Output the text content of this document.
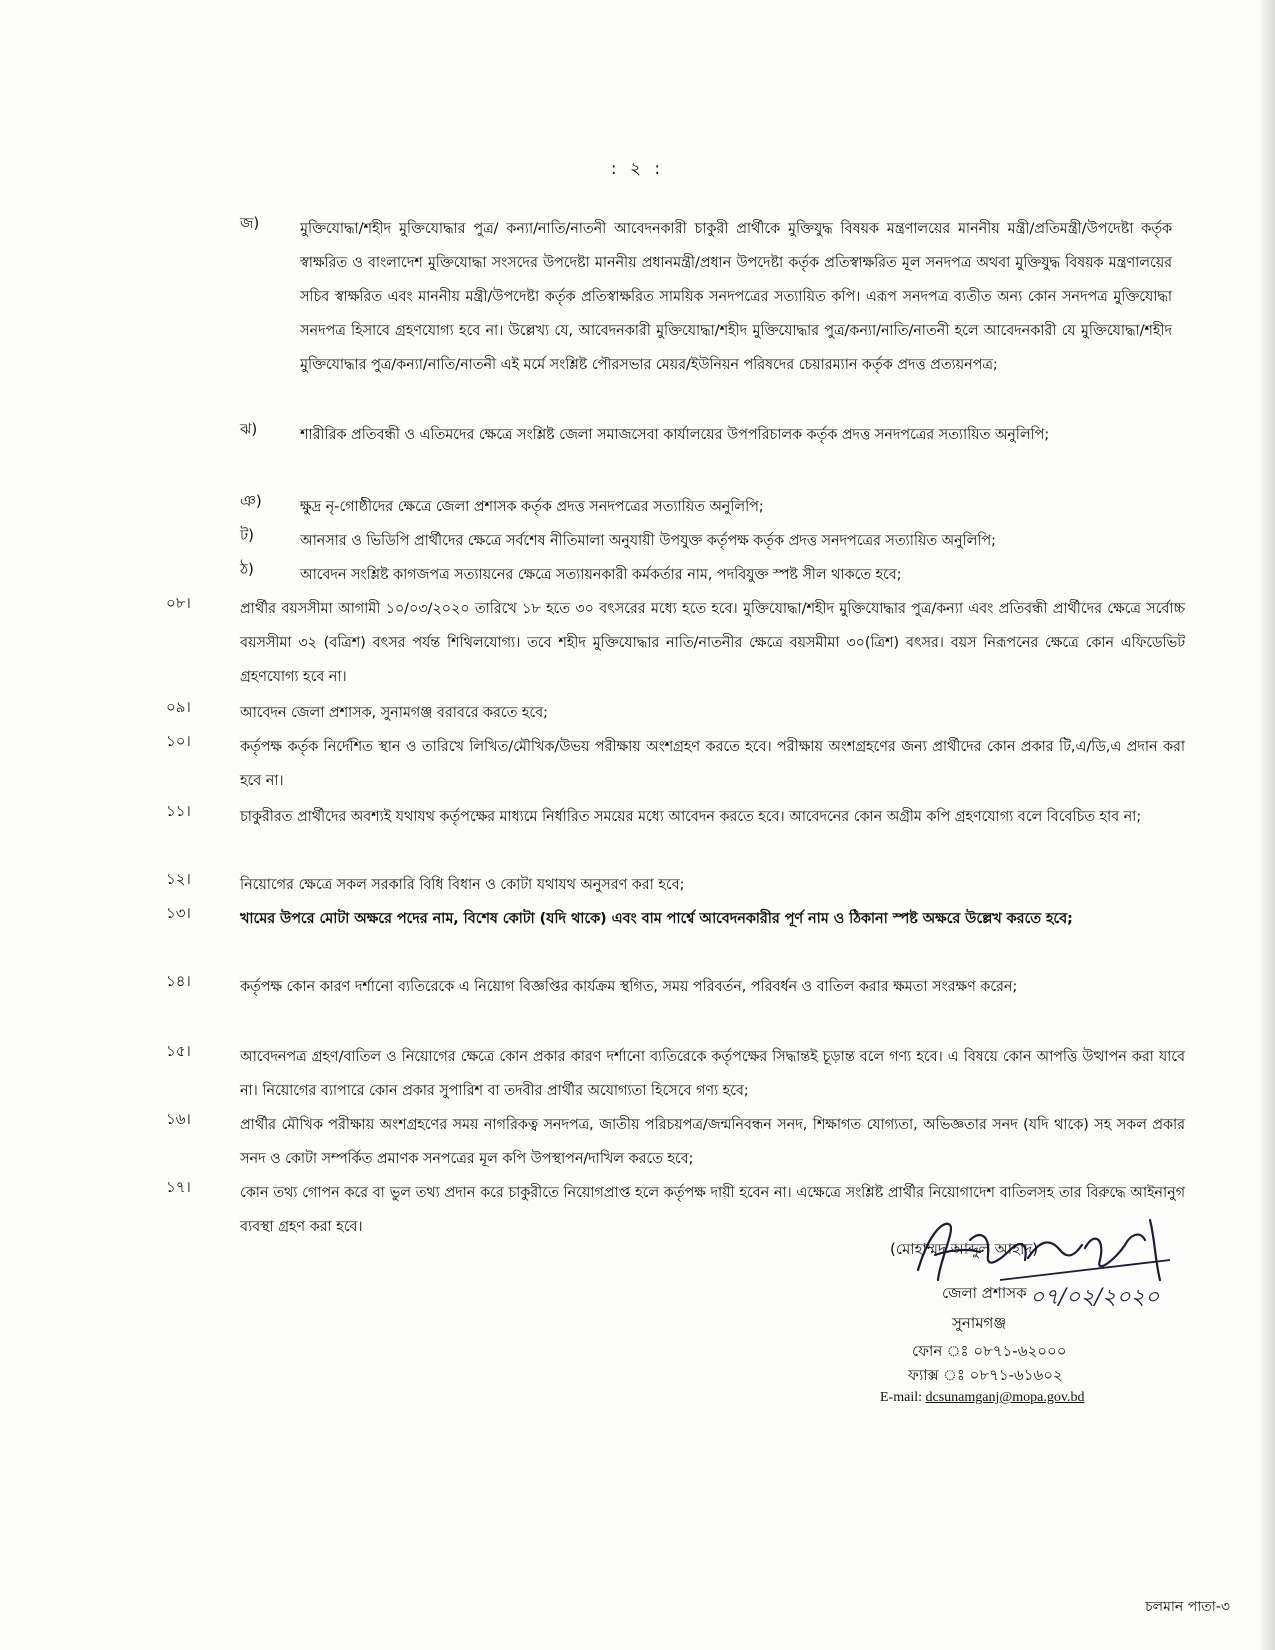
: ২ :
জ)	মুক্তিযোদ্ধা/শহীদ মুক্তিযোদ্ধার পুত্র/ কন্যা/নাতি/নাতনী আবেদনকারী চাকুরী প্রার্থীকে মুক্তিযুদ্ধ বিষয়ক মন্ত্রণালয়ের মাননীয় মন্ত্রী/প্রতিমন্ত্রী/উপদেষ্টা কর্তৃক স্বাক্ষরিত ও বাংলাদেশ মুক্তিযোদ্ধা সংসদের উপদেষ্টা মাননীয় প্রধানমন্ত্রী/প্রধান উপদেষ্টা কর্তৃক প্রতিস্বাক্ষরিত মূল সনদপত্র অথবা মুক্তিযুদ্ধ বিষয়ক মন্ত্রণালয়ের সচিব স্বাক্ষরিত এবং মাননীয় মন্ত্রী/উপদেষ্টা কর্তৃক প্রতিস্বাক্ষরিত সাময়িক সনদপত্রের সত্যায়িত কপি। এরূপ সনদপত্র ব্যতীত অন্য কোন সনদপত্র মুক্তিযোদ্ধা সনদপত্র হিসাবে গ্রহণযোগ্য হবে না। উল্লেখ্য যে, আবেদনকারী মুক্তিযোদ্ধা/শহীদ মুক্তিযোদ্ধার পুত্র/কন্যা/নাতি/নাতনী হলে আবেদনকারী যে মুক্তিযোদ্ধা/শহীদ মুক্তিযোদ্ধার পুত্র/কন্যা/নাতি/নাতনী এই মর্মে সংশ্লিষ্ট পৌরসভার মেয়র/ইউনিয়ন পরিষদের চেয়ারম্যান কর্তৃক প্রদত্ত প্রত্যয়নপত্র;
ঝ)	শারীরিক প্রতিবন্ধী ও এতিমদের ক্ষেত্রে সংশ্লিষ্ট জেলা সমাজসেবা কার্যালয়ের উপপরিচালক কর্তৃক প্রদত্ত সনদপত্রের সত্যায়িত অনুলিপি;
ঞ)	ক্ষুদ্র নৃ-গোষ্ঠীদের ক্ষেত্রে জেলা প্রশাসক কর্তৃক প্রদত্ত সনদপত্রের সত্যায়িত অনুলিপি;
ট)	আনসার ও ভিডিপি প্রার্থীদের ক্ষেত্রে সর্বশেষ নীতিমালা অনুযায়ী উপযুক্ত কর্তৃপক্ষ কর্তৃক প্রদত্ত সনদপত্রের সত্যায়িত অনুলিপি;
ঠ)	আবেদন সংশ্লিষ্ট কাগজপত্র সত্যায়নের ক্ষেত্রে সত্যায়নকারী কর্মকর্তার নাম, পদবিযুক্ত স্পষ্ট সীল থাকতে হবে;
০৮।	প্রার্থীর বয়সসীমা আগামী ১০/০৩/২০২০ তারিখে ১৮ হতে ৩০ বৎসরের মধ্যে হতে হবে। মুক্তিযোদ্ধা/শহীদ মুক্তিযোদ্ধার পুত্র/কন্যা এবং প্রতিবন্ধী প্রার্থীদের ক্ষেত্রে সর্বোচ্চ বয়সসীমা ৩২ (বত্রিশ) বৎসর পর্যন্ত শিথিলযোগ্য। তবে শহীদ মুক্তিযোদ্ধার নাতি/নাতনীর ক্ষেত্রে বয়সমীমা ৩০(ত্রিশ) বৎসর। বয়স নিরূপনের ক্ষেত্রে কোন এফিডেভিট গ্রহণযোগ্য হবে না।
০৯।	আবেদন জেলা প্রশাসক, সুনামগঞ্জ বরাবরে করতে হবে;
১০।	কর্তৃপক্ষ কর্তৃক নির্দেশিত স্থান ও তারিখে লিখিত/মৌখিক/উভয় পরীক্ষায় অংশগ্রহণ করতে হবে। পরীক্ষায় অংশগ্রহণের জন্য প্রার্থীদের কোন প্রকার টি,এ/ডি,এ প্রদান করা হবে না।
১১।	চাকুরীরত প্রার্থীদের অবশ্যই যথাযথ কর্তৃপক্ষের মাধ্যমে নির্ধারিত সময়ের মধ্যে আবেদন করতে হবে। আবেদনের কোন অগ্রীম কপি গ্রহণযোগ্য বলে বিবেচিত হাব না;
১২।	নিয়োগের ক্ষেত্রে সকল সরকারি বিধি বিধান ও কোটা যথাযথ অনুসরণ করা হবে;
১৩।	খামের উপরে মোটা অক্ষরে পদের নাম, বিশেষ কোটা (যদি থাকে) এবং বাম পার্শ্বে আবেদনকারীর পূর্ণ নাম ও ঠিকানা স্পষ্ট অক্ষরে উল্লেখ করতে হবে;
১৪।	কর্তৃপক্ষ কোন কারণ দর্শানো ব্যতিরেকে এ নিয়োগ বিজ্ঞপ্তির কার্যক্রম স্থগিত, সময় পরিবর্তন, পরিবর্ধন ও বাতিল করার ক্ষমতা সংরক্ষণ করেন;
১৫।	আবেদনপত্র গ্রহণ/বাতিল ও নিয়োগের ক্ষেত্রে কোন প্রকার কারণ দর্শানো ব্যতিরেকে কর্তৃপক্ষের সিদ্ধান্তই চূড়ান্ত বলে গণ্য হবে। এ বিষয়ে কোন আপত্তি উত্থাপন করা যাবে না। নিয়োগের ব্যাপারে কোন প্রকার সুপারিশ বা তদবীর প্রার্থীর অযোগ্যতা হিসেবে গণ্য হবে;
১৬।	প্রার্থীর মৌখিক পরীক্ষায় অংশগ্রহণের সময় নাগরিকত্ব সনদপত্র, জাতীয় পরিচয়পত্র/জন্মনিবন্ধন সনদ, শিক্ষাগত যোগ্যতা, অভিজ্ঞতার সনদ (যদি থাকে) সহ সকল প্রকার সনদ ও কোটা সম্পর্কিত প্রমাণক সনপত্রের মূল কপি উপস্থাপন/দাখিল করতে হবে;
১৭।	কোন তথ্য গোপন করে বা ভুল তথ্য প্রদান করে চাকুরীতে নিয়োগপ্রাপ্ত হলে কর্তৃপক্ষ দায়ী হবেন না। এক্ষেত্রে সংশ্লিষ্ট প্রার্থীর নিয়োগাদেশ বাতিলসহ তার বিরুদ্ধে আইনানুগ ব্যবস্থা গ্রহণ করা হবে।
০৭/০২/২০২০
(মোহাম্মদ আব্দুল আহাদ)
জেলা প্রশাসক
সুনামগঞ্জ
ফোন ঃ ০৮৭১-৬২০০০
ফ্যাক্স ঃ ০৮৭১-৬১৬০২
E-mail: dcsunamganj@mopa.gov.bd
চলমান পাতা-৩
